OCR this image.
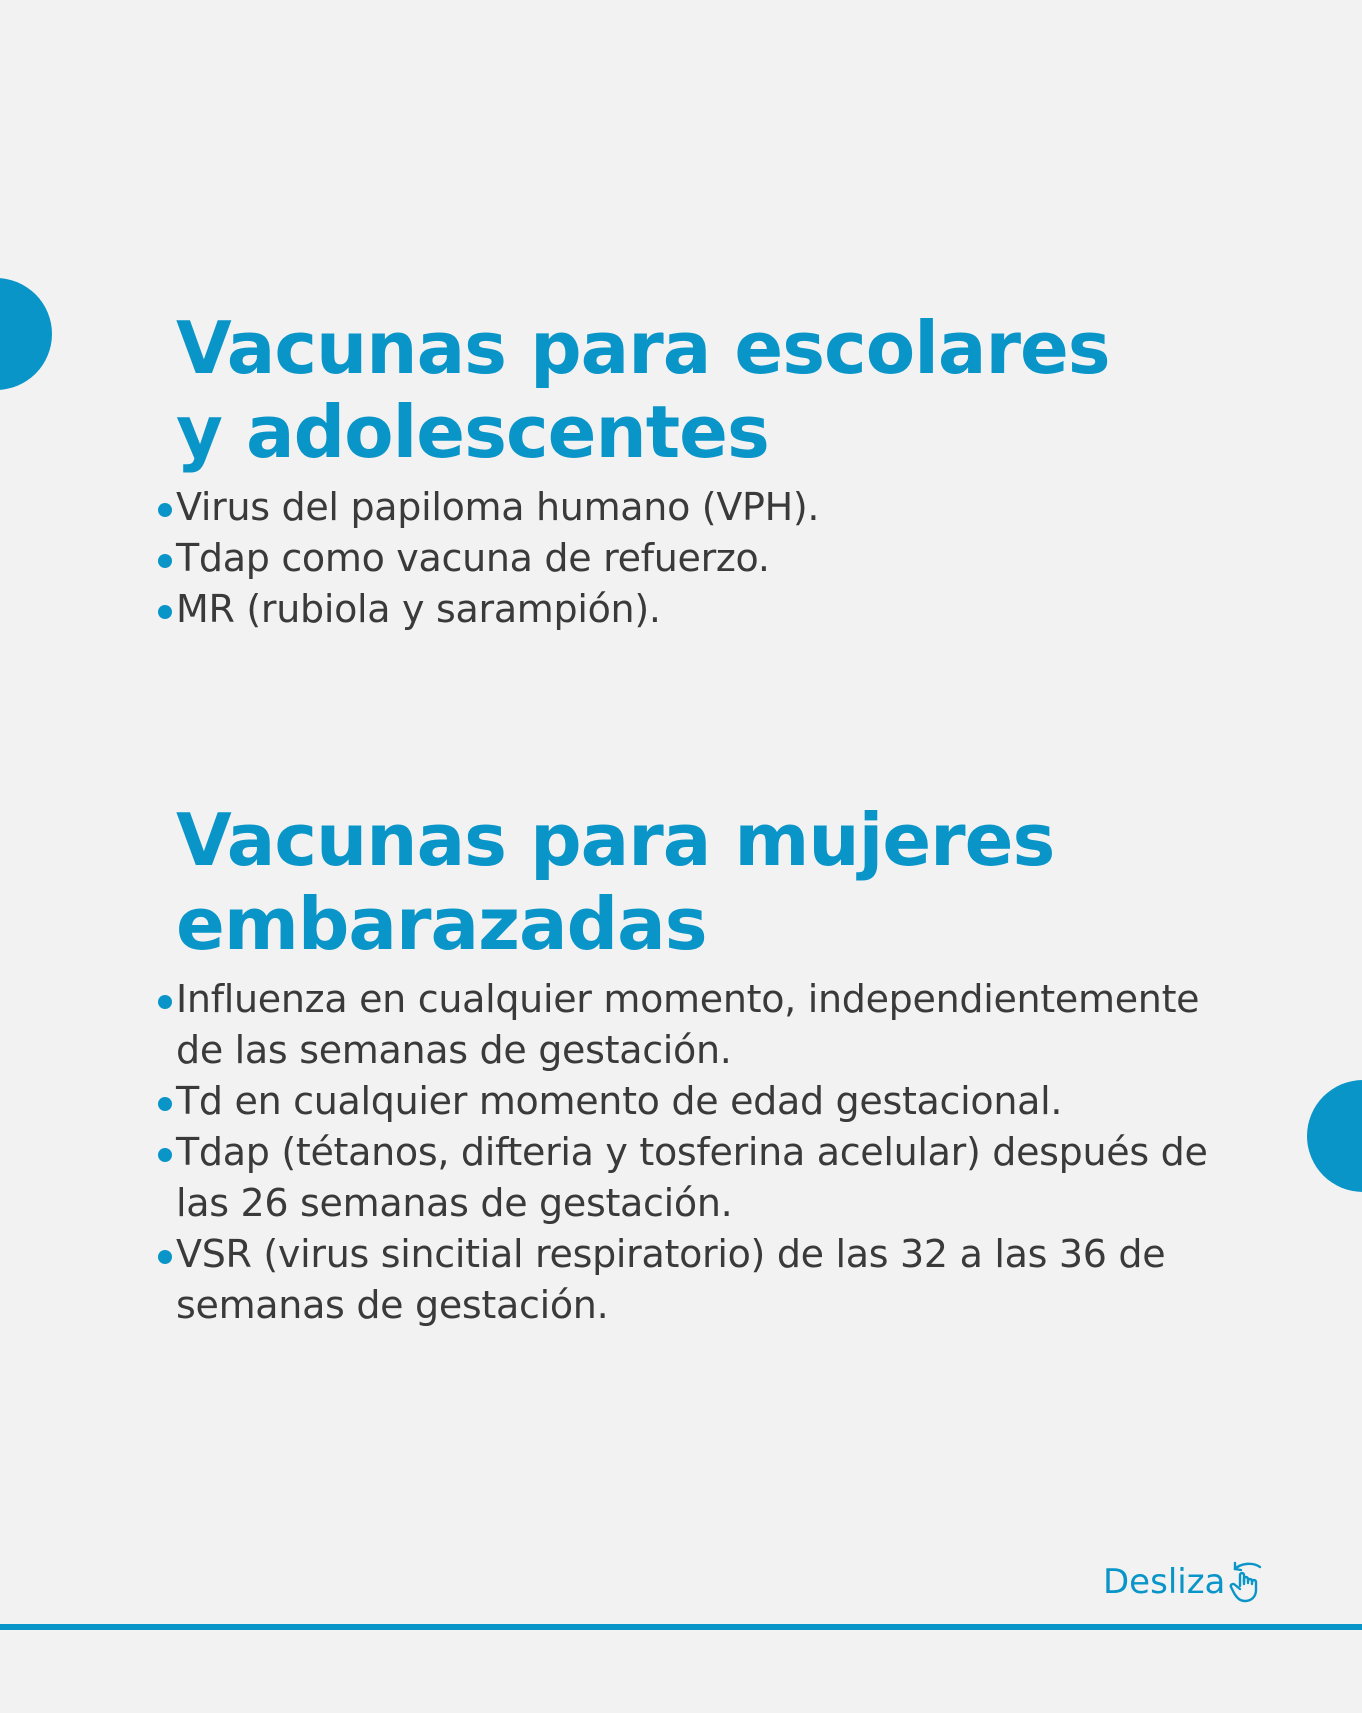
Vacunas para escolares
y adolescentes
Virus del papiloma humano (VPH).
Tdap como vacuna de refuerzo.
MR (rubiola y sarampión).
Vacunas para mujeres
embarazadas
Influenza en cualquier momento, independientemente de las semanas de gestación.
Td en cualquier momento de edad gestacional.
Tdap (tétanos, difteria y tosferina acelular) después de las 26 semanas de gestación.
VSR (virus sincitial respiratorio) de las 32 a las 36 de semanas de gestación.
Desliza
